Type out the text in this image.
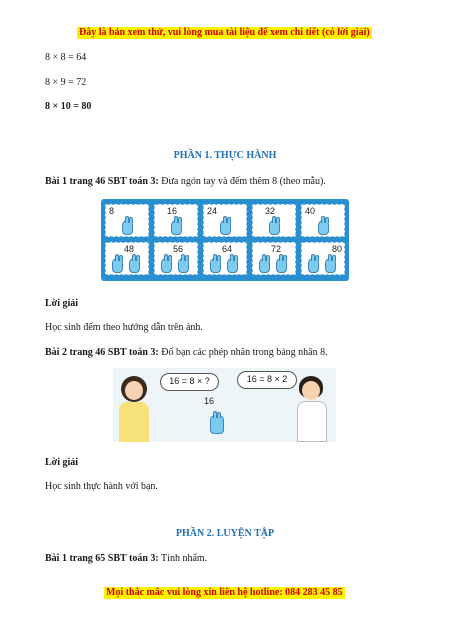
Đây là bản xem thử, vui lòng mua tài liệu để xem chi tiết (có lời giải)
8 × 8 = 64
8 × 9 = 72
8 × 10 = 80
PHẦN 1. THỰC HÀNH
Bài 1 trang 46 SBT toán 3: Đưa ngón tay và đếm thêm 8 (theo mẫu).
8	16	24	32	40
48	56	64	72	80
Lời giải
Học sinh đếm theo hướng dẫn trên ảnh.
Bài 2 trang 46 SBT toán 3: Đố bạn các phép nhân trong bảng nhân 8.
16 = 8 × ?
16
16 = 8 × 2
Lời giải
Học sinh thực hành với bạn.
PHẦN 2. LUYỆN TẬP
Bài 1 trang 65 SBT toán 3: Tính nhẩm.
Mọi thắc mắc vui lòng xin liên hệ hotline: 084 283 45 85
